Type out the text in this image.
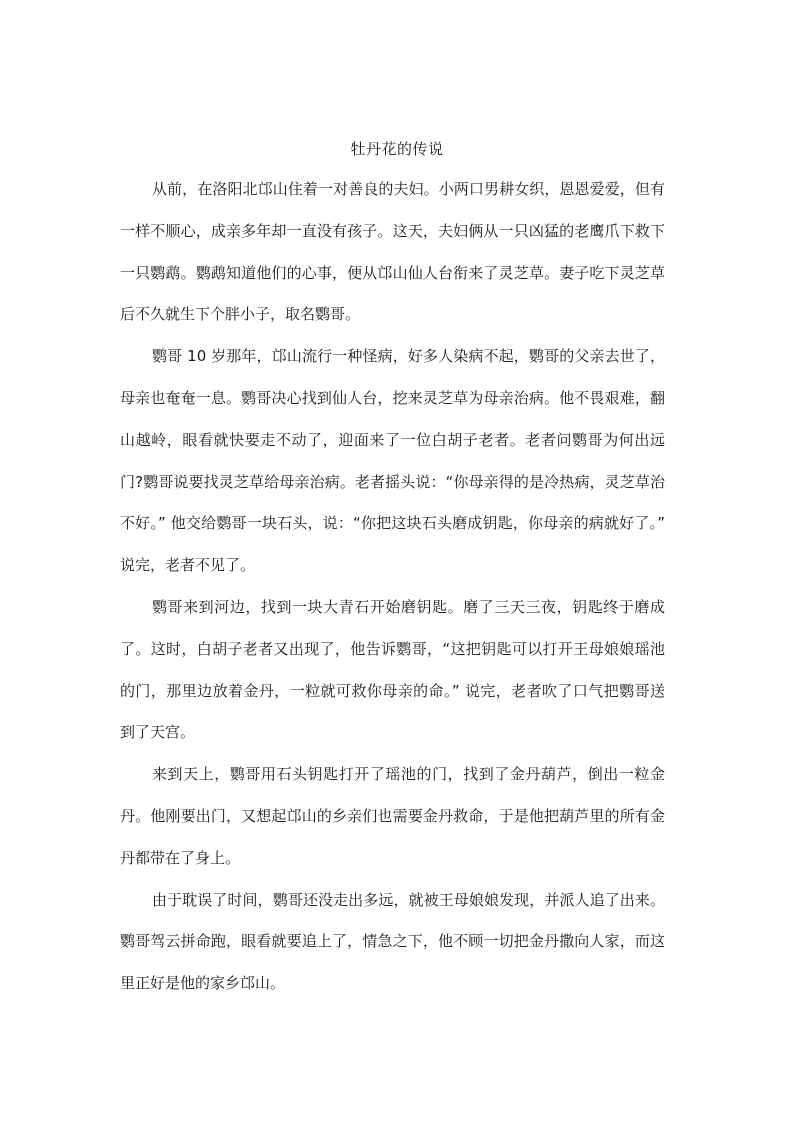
牡丹花的传说

从前，在洛阳北邙山住着一对善良的夫妇。小两口男耕女织，恩恩爱爱，但有一样不顺心，成亲多年却一直没有孩子。这天，夫妇俩从一只凶猛的老鹰爪下救下一只鹦鹉。鹦鹉知道他们的心事，便从邙山仙人台衔来了灵芝草。妻子吃下灵芝草后不久就生下个胖小子，取名鹦哥。

鹦哥 10 岁那年，邙山流行一种怪病，好多人染病不起，鹦哥的父亲去世了，母亲也奄奄一息。鹦哥决心找到仙人台，挖来灵芝草为母亲治病。他不畏艰难，翻山越岭，眼看就快要走不动了，迎面来了一位白胡子老者。老者问鹦哥为何出远门?鹦哥说要找灵芝草给母亲治病。老者摇头说：“你母亲得的是冷热病，灵芝草治不好。” 他交给鹦哥一块石头，说：“你把这块石头磨成钥匙，你母亲的病就好了。” 说完，老者不见了。

鹦哥来到河边，找到一块大青石开始磨钥匙。磨了三天三夜，钥匙终于磨成了。这时，白胡子老者又出现了，他告诉鹦哥，“这把钥匙可以打开王母娘娘瑶池的门，那里边放着金丹，一粒就可救你母亲的命。” 说完，老者吹了口气把鹦哥送到了天宫。

来到天上，鹦哥用石头钥匙打开了瑶池的门，找到了金丹葫芦，倒出一粒金丹。他刚要出门，又想起邙山的乡亲们也需要金丹救命，于是他把葫芦里的所有金丹都带在了身上。

由于耽误了时间，鹦哥还没走出多远，就被王母娘娘发现，并派人追了出来。鹦哥驾云拼命跑，眼看就要追上了，情急之下，他不顾一切把金丹撒向人家，而这里正好是他的家乡邙山。
